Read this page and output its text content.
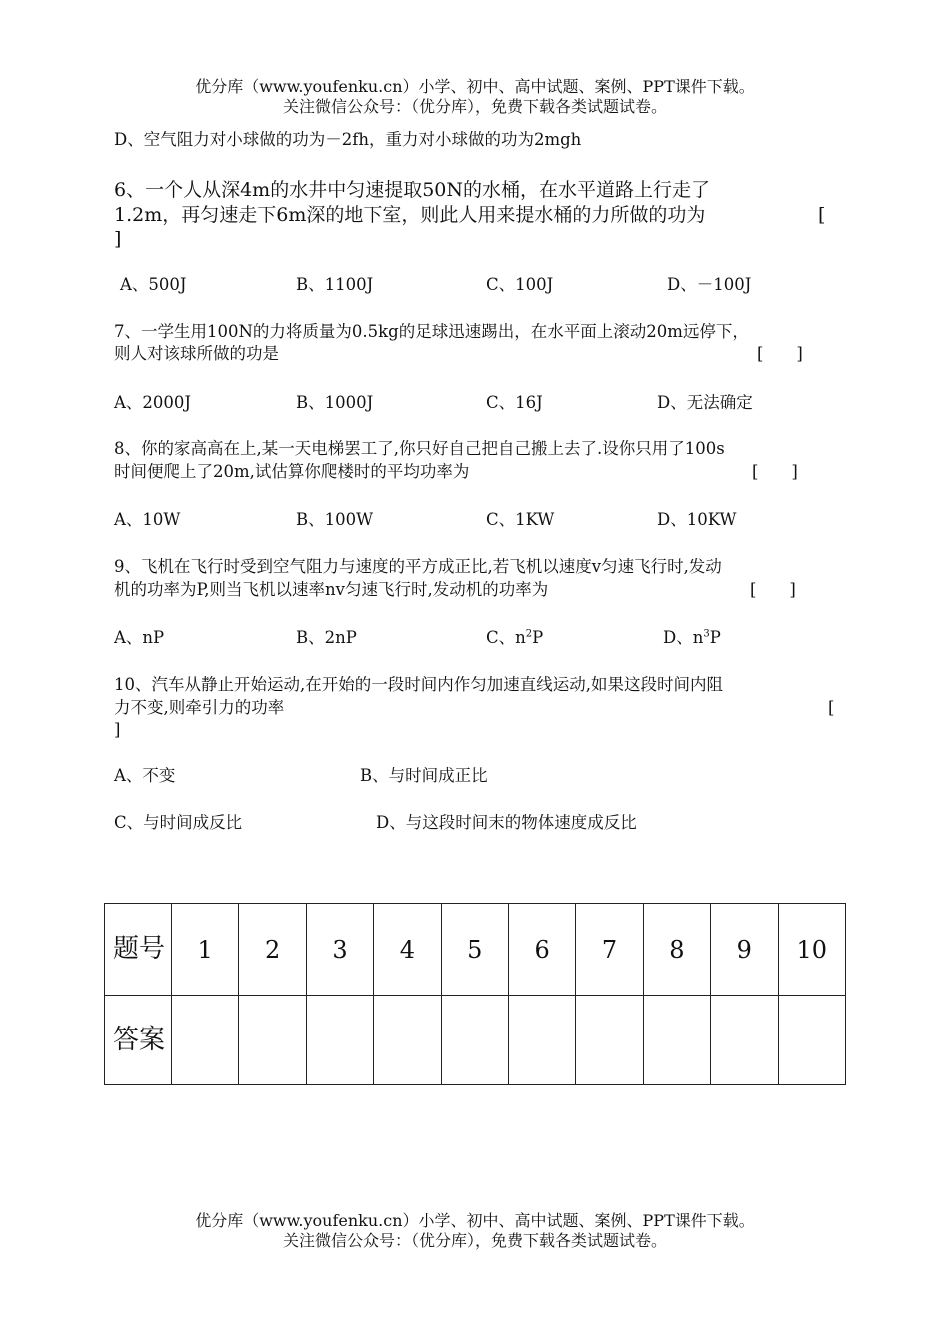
优分库（www.youfenku.cn）小学、初中、高中试题、案例、PPT课件下载。
关注微信公众号：（优分库），免费下载各类试题试卷。
D、空气阻力对小球做的功为－2fh，重力对小球做的功为2mgh
6、一个人从深4m的水井中匀速提取50N的水桶，在水平道路上行走了
1.2m，再匀速走下6m深的地下室，则此人用来提水桶的力所做的功为	[
]
A、500J	B、1100J	C、100J	D、－100J
7、一学生用100N的力将质量为0.5kg的足球迅速踢出，在水平面上滚动20m远停下，
则人对该球所做的功是	[　　]
A、2000J	B、1000J	C、16J	D、无法确定
8、你的家高高在上,某一天电梯罢工了,你只好自己把自己搬上去了.设你只用了100s
时间便爬上了20m,试估算你爬楼时的平均功率为	[　　]
A、10W	B、100W	C、1KW	D、10KW
9、飞机在飞行时受到空气阻力与速度的平方成正比,若飞机以速度v匀速飞行时,发动
机的功率为P,则当飞机以速率nv匀速飞行时,发动机的功率为	[　　]
A、nP	B、2nP	C、$n^2P$	D、$n^3P$
10、汽车从静止开始运动,在开始的一段时间内作匀加速直线运动,如果这段时间内阻
力不变,则牵引力的功率	[
]
A、不变	B、与时间成正比
C、与时间成反比	D、与这段时间末的物体速度成反比
题号	1	2	3	4	5	6	7	8	9	10
答案										
优分库（www.youfenku.cn）小学、初中、高中试题、案例、PPT课件下载。
关注微信公众号：（优分库），免费下载各类试题试卷。
